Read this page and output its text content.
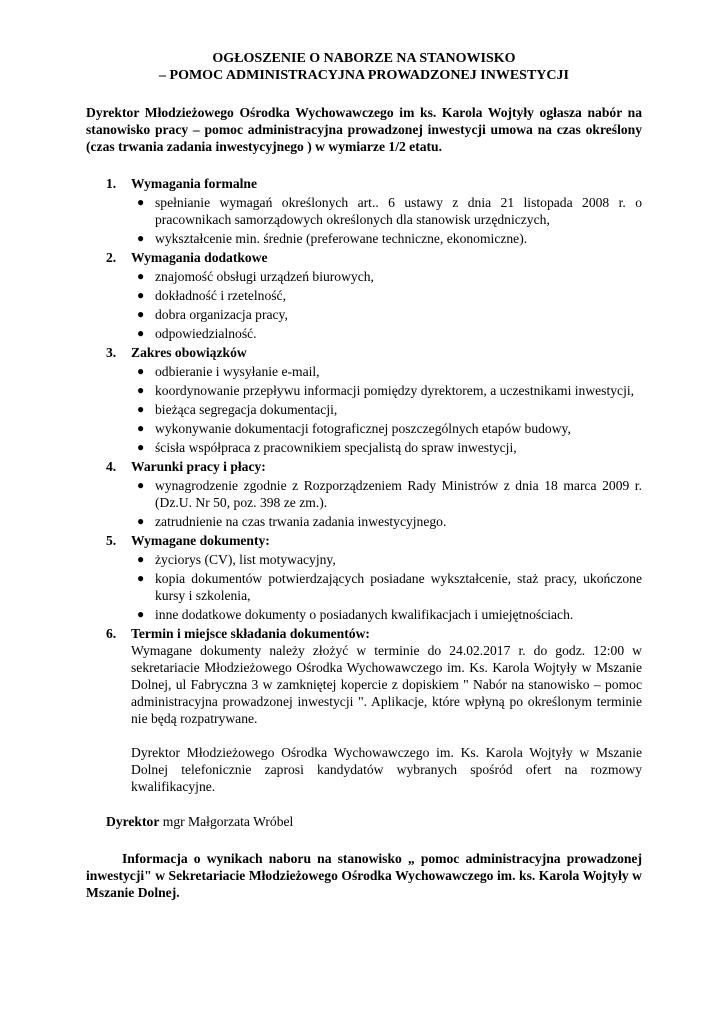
OGŁOSZENIE O NABORZE NA STANOWISKO
– POMOC ADMINISTRACYJNA PROWADZONEJ INWESTYCJI

Dyrektor Młodzieżowego Ośrodka Wychowawczego im ks. Karola Wojtyły ogłasza nabór na stanowisko pracy – pomoc administracyjna prowadzonej inwestycji umowa na czas określony (czas trwania zadania inwestycyjnego ) w wymiarze 1/2 etatu.

1. Wymagania formalne
● spełnianie wymagań określonych art.. 6 ustawy z dnia 21 listopada 2008 r. o pracownikach samorządowych określonych dla stanowisk urzędniczych,
● wykształcenie min. średnie (preferowane techniczne, ekonomiczne).
2. Wymagania dodatkowe
● znajomość obsługi urządzeń biurowych,
● dokładność i rzetelność,
● dobra organizacja pracy,
● odpowiedzialność.
3. Zakres obowiązków
● odbieranie i wysyłanie e-mail,
● koordynowanie przepływu informacji pomiędzy dyrektorem, a uczestnikami inwestycji,
● bieżąca segregacja dokumentacji,
● wykonywanie dokumentacji fotograficznej poszczególnych etapów budowy,
● ścisła współpraca z pracownikiem specjalistą do spraw inwestycji,
4. Warunki pracy i płacy:
● wynagrodzenie zgodnie z Rozporządzeniem Rady Ministrów z dnia 18 marca 2009 r. (Dz.U. Nr 50, poz. 398 ze zm.).
● zatrudnienie na czas trwania zadania inwestycyjnego.
5. Wymagane dokumenty:
● życiorys (CV), list motywacyjny,
● kopia dokumentów potwierdzających posiadane wykształcenie, staż pracy, ukończone kursy i szkolenia,
● inne dodatkowe dokumenty o posiadanych kwalifikacjach i umiejętnościach.
6. Termin i miejsce składania dokumentów:

Wymagane dokumenty należy złożyć w terminie do 24.02.2017 r. do godz. 12:00 w sekretariacie Młodzieżowego Ośrodka Wychowawczego im. Ks. Karola Wojtyły w Mszanie Dolnej, ul Fabryczna 3 w zamkniętej kopercie z dopiskiem " Nabór na stanowisko – pomoc administracyjna prowadzonej inwestycji ". Aplikacje, które wpłyną po określonym terminie nie będą rozpatrywane.

Dyrektor Młodzieżowego Ośrodka Wychowawczego im. Ks. Karola Wojtyły w Mszanie Dolnej telefonicznie zaprosi kandydatów wybranych spośród ofert na rozmowy kwalifikacyjne.

Dyrektor mgr Małgorzata Wróbel

Informacja o wynikach naboru na stanowisko „ pomoc administracyjna prowadzonej inwestycji" w Sekretariacie Młodzieżowego Ośrodka Wychowawczego im. ks. Karola Wojtyły w Mszanie Dolnej.
